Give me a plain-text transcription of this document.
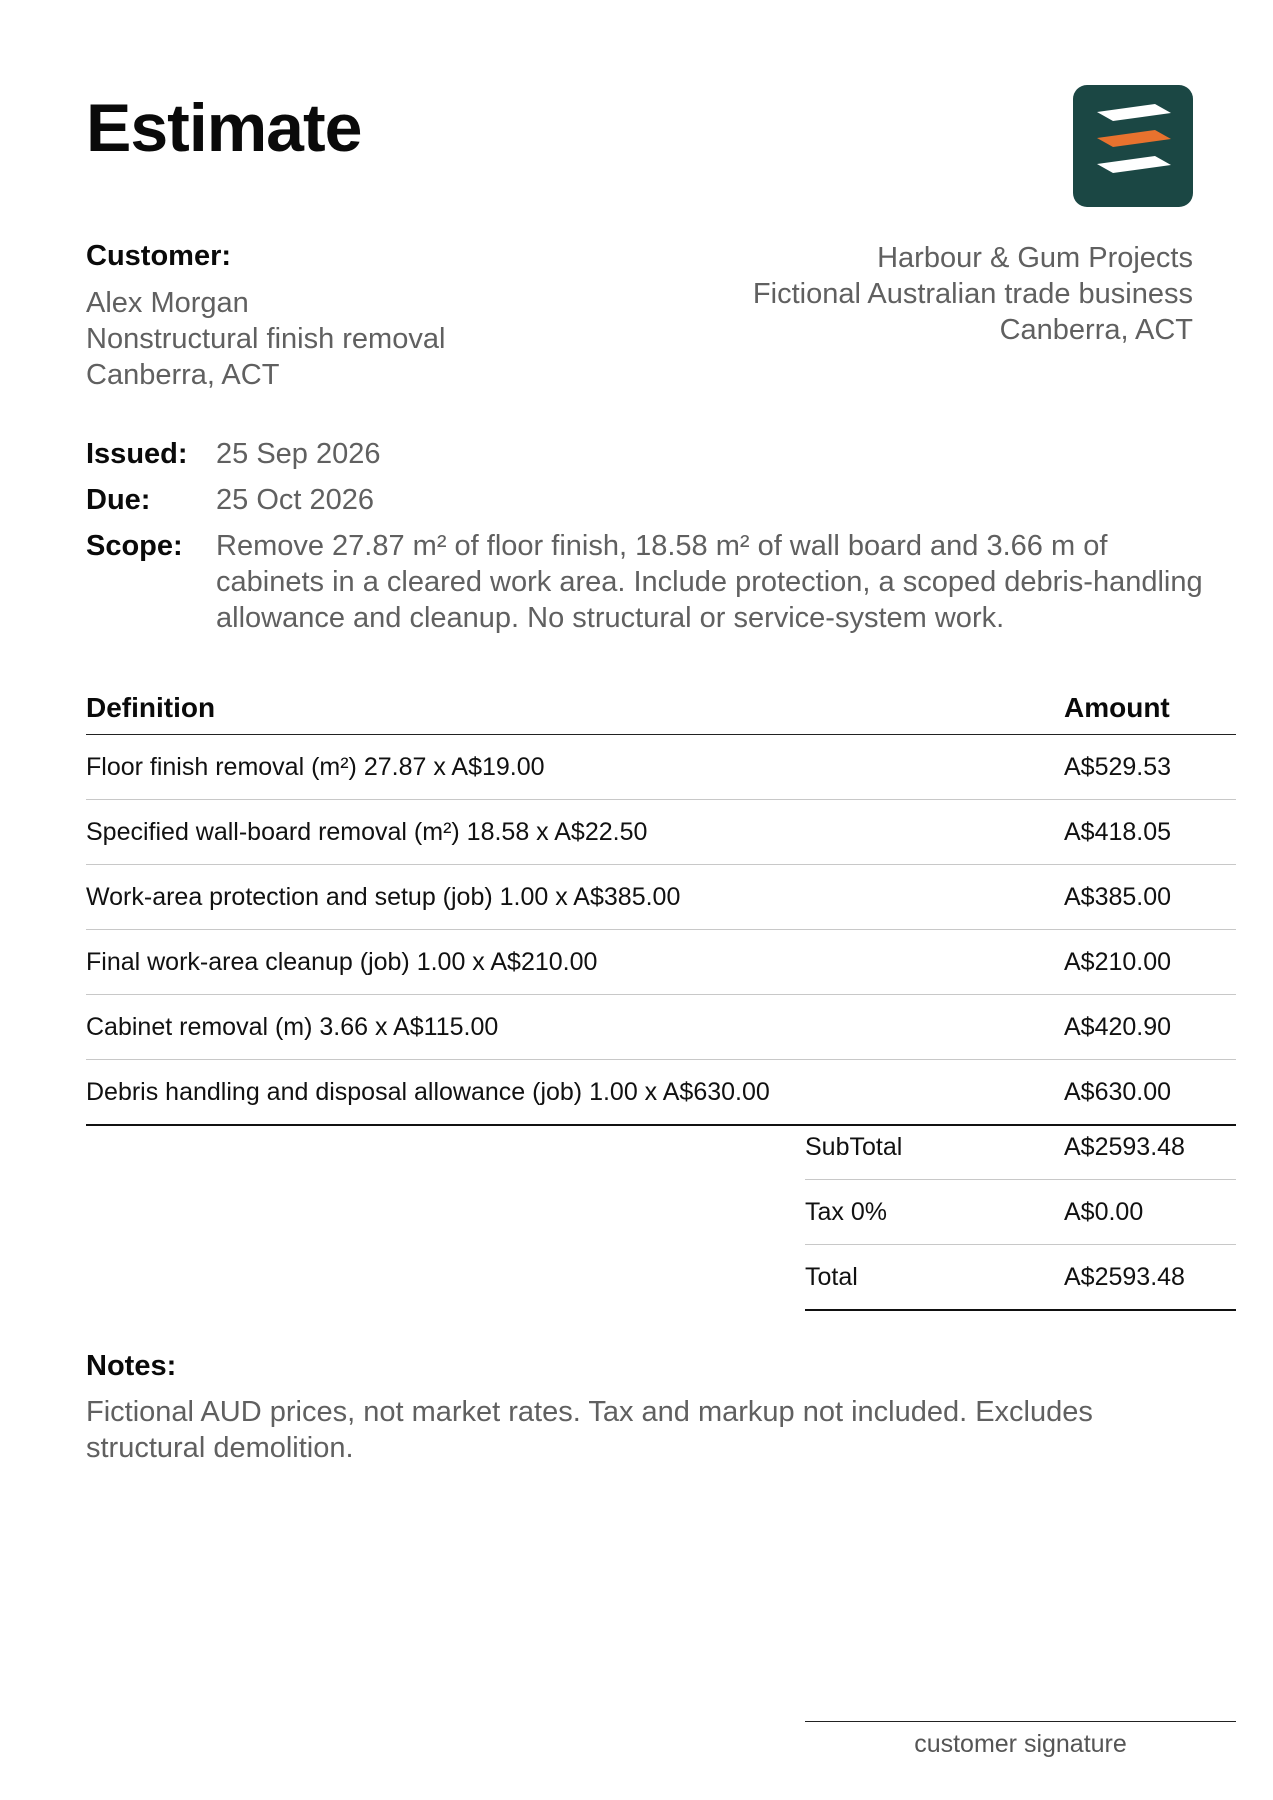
Estimate
Customer:
Alex Morgan
Nonstructural finish removal
Canberra, ACT
Harbour & Gum Projects
Fictional Australian trade business
Canberra, ACT
Issued: 25 Sep 2026
Due:	25 Oct 2026
Scope:	Remove 27.87 m² of floor finish, 18.58 m² of wall board and 3.66 m of cabinets in a cleared work area. Include protection, a scoped debris-handling allowance and cleanup. No structural or service-system work.
Definition	Amount
Floor finish removal (m²) 27.87 x A$19.00	A$529.53
Specified wall-board removal (m²) 18.58 x A$22.50	A$418.05
Work-area protection and setup (job) 1.00 x A$385.00	A$385.00
Final work-area cleanup (job) 1.00 x A$210.00	A$210.00
Cabinet removal (m) 3.66 x A$115.00	A$420.90
Debris handling and disposal allowance (job) 1.00 x A$630.00	A$630.00
SubTotal	A$2593.48
Tax 0%	A$0.00
Total	A$2593.48
Notes:
Fictional AUD prices, not market rates. Tax and markup not included. Excludes structural demolition.
customer signature
